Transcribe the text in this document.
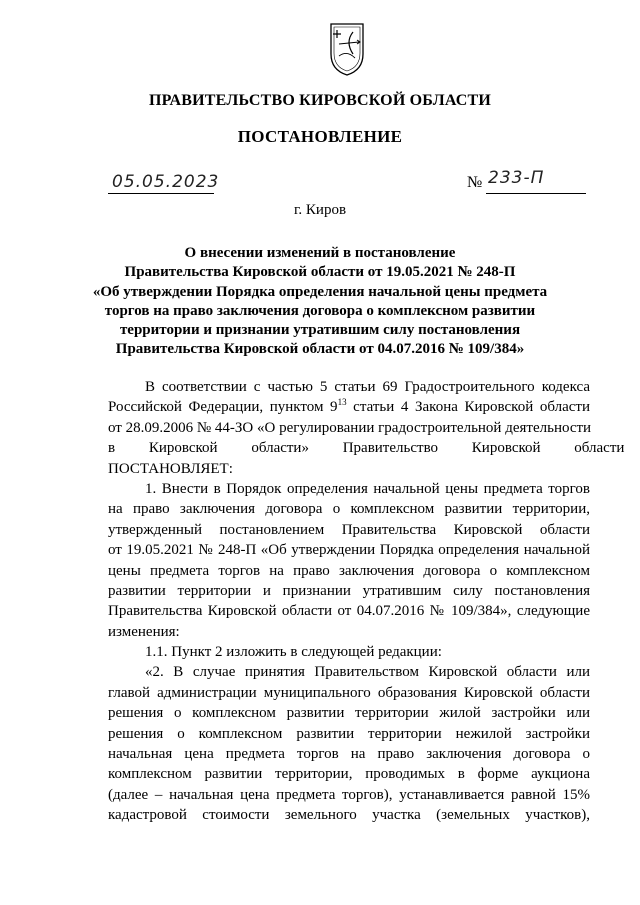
ПРАВИТЕЛЬСТВО КИРОВСКОЙ ОБЛАСТИ
ПОСТАНОВЛЕНИЕ
05.05.2023	№ 233-П
г. Киров
О внесении изменений в постановление
Правительства Кировской области от 19.05.2021 № 248-П
«Об утверждении Порядка определения начальной цены предмета
торгов на право заключения договора о комплексном развитии
территории и признании утратившим силу постановления
Правительства Кировской области от 04.07.2016 № 109/384»
В соответствии с частью 5 статьи 69 Градостроительного кодекса
Российской Федерации, пунктом $9^{13}$ статьи 4 Закона Кировской области
от 28.09.2006 № 44-ЗО «О регулировании градостроительной деятельности
в Кировской области» Правительство Кировской области
ПОСТАНОВЛЯЕТ:
1. Внести в Порядок определения начальной цены предмета торгов
на право заключения договора о комплексном развитии территории,
утвержденный постановлением Правительства Кировской области
от 19.05.2021 № 248-П «Об утверждении Порядка определения начальной
цены предмета торгов на право заключения договора о комплексном
развитии территории и признании утратившим силу постановления
Правительства Кировской области от 04.07.2016 № 109/384», следующие
изменения:
1.1. Пункт 2 изложить в следующей редакции:
«2. В случае принятия Правительством Кировской области или
главой администрации муниципального образования Кировской области
решения о комплексном развитии территории жилой застройки или
решения о комплексном развитии территории нежилой застройки
начальная цена предмета торгов на право заключения договора о
комплексном развитии территории, проводимых в форме аукциона
(далее – начальная цена предмета торгов), устанавливается равной 15%
кадастровой стоимости земельного участка (земельных участков),
